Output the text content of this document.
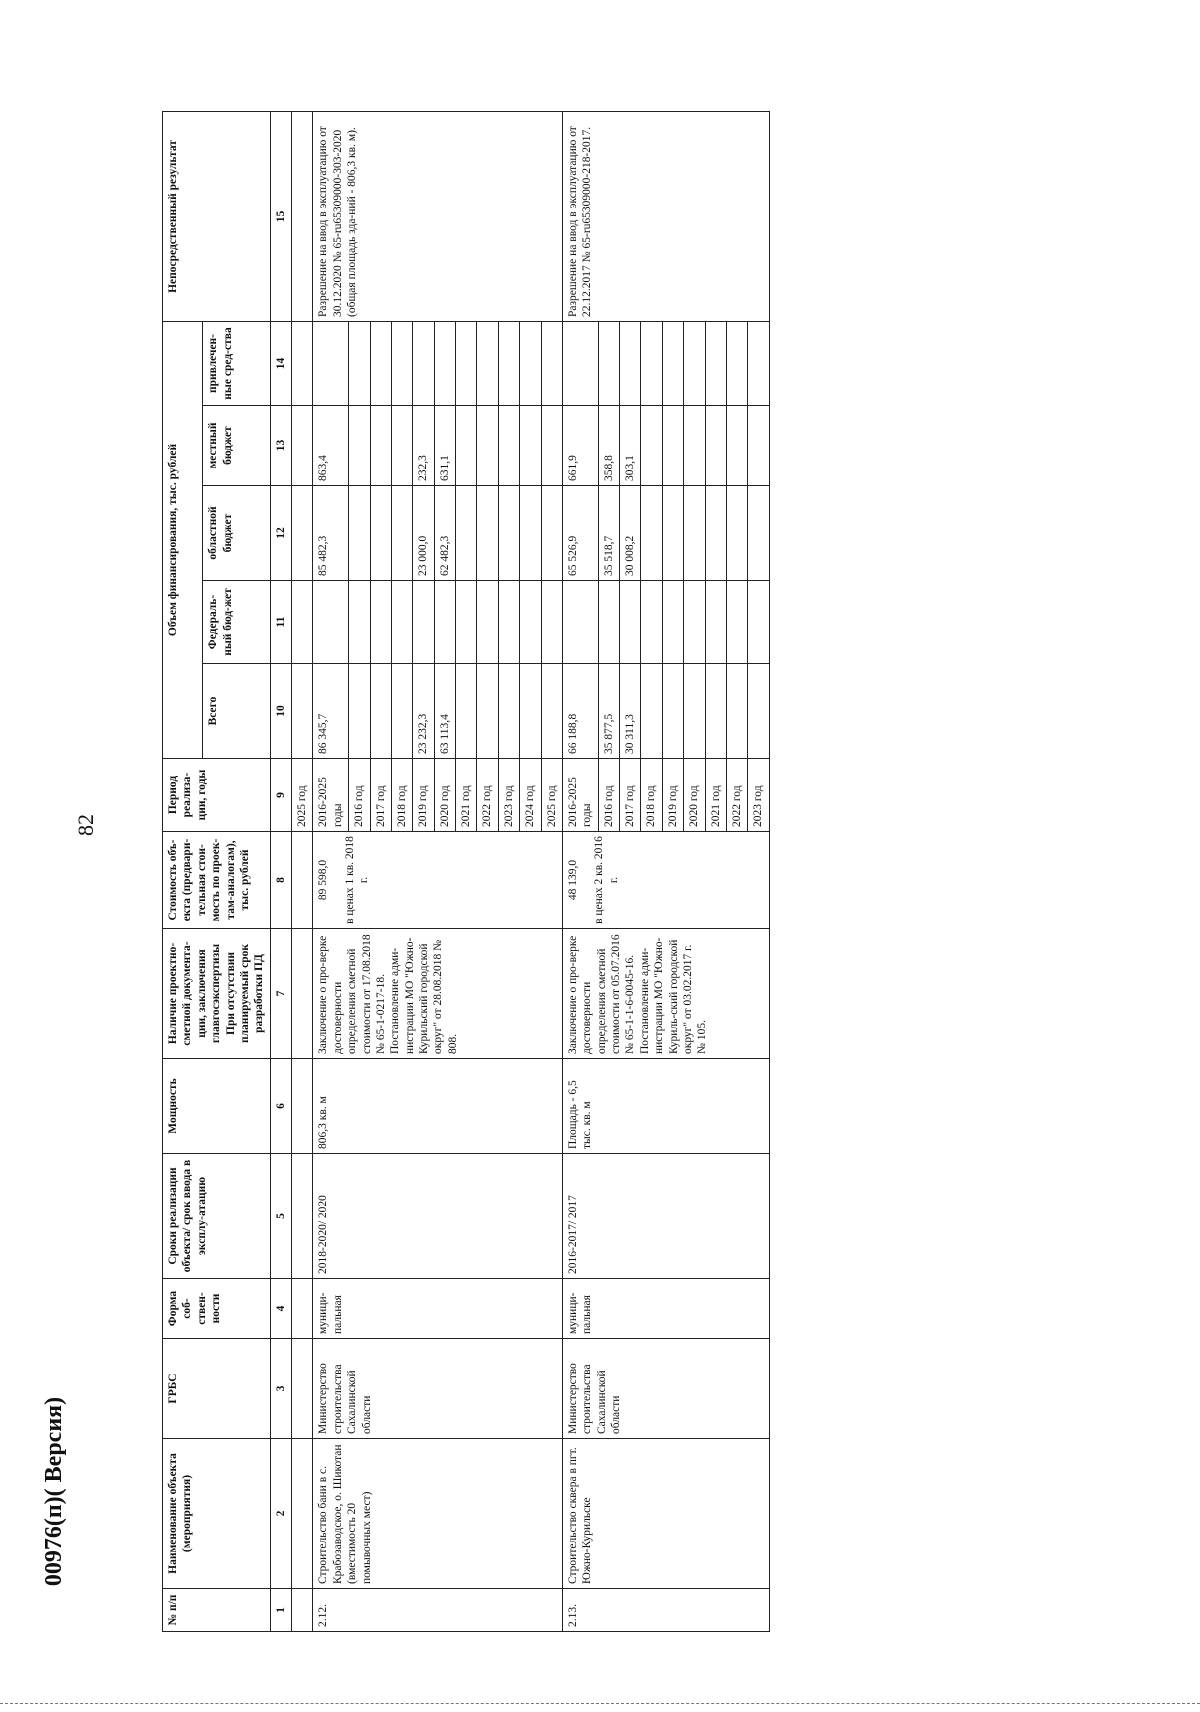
82
№ п/п	Наименование объекта (мероприятия)	ГРБС	Форма соб-ствен-ности	Сроки реализации объекта/ срок ввода в эксплу-атацию	Мощность	Наличие проектно-сметной документа-ции, заключения главгосэкспертизы При отсутствии планируемый срок разработки ПД	Стоимость объ-екта (предвари-тельная стои-мость по проек-там-аналогам), тыс. рублей	Период реализа-ции, годы	Объем финансирования, тыс. рублей					Непосредственный результат
									Всего	Федераль-ный бюд-жет	областной бюджет	местный бюджет	привлечен-ные сред-ства	
1	2	3	4	5	6	7	8	9	10	11	12	13	14	15
								2025 год						
2.12.	Строительство бани в с. Крабозаводское, о. Шикотан (вместимость 20 помывочных мест)	Министерство строительства Сахалинской области	муници-пальная	2018-2020/ 2020	806,3 кв. м	Заключение о про-верке достоверности определения сметной стоимости от 17.08.2018 № 65-1-0217-18. Постановление адми-нистрации МО "Южно-Курильский городской округ" от 28.08.2018 № 808.	89 598,0 в ценах 1 кв. 2018 г.	2016-2025 годы	86 345,7		85 482,3	863,4		Разрешение на ввод в эксплуатацию от 30.12.2020 № 65-ru65309000-303-2020 (общая площадь зда-ний - 806,3 кв. м).
								2016 год						
								2017 год						
								2018 год						
								2019 год	23 232,3		23 000,0	232,3		
								2020 год	63 113,4		62 482,3	631,1		
								2021 год						
								2022 год						
								2023 год						
								2024 год						
								2025 год						
2.13.	Строительство сквера в пгт. Южно-Курильске	Министерство строительства Сахалинской области	муници-пальная	2016-2017/ 2017	Площадь - 6,5 тыс. кв. м	Заключение о про-верке достоверности определения сметной стоимости от 05.07.2016 № 65-1-1-6-0045-16. Постановление адми-нистрации МО "Южно-Куриль-ский городской округ" от 03.02.2017 г. № 105.	48 139,0 в ценах 2 кв. 2016 г.	2016-2025 годы	66 188,8		65 526,9	661,9		Разрешение на ввод в эксплуатацию от 22.12.2017 № 65-ru65309000-218-2017.
								2016 год	35 877,5		35 518,7	358,8		
								2017 год	30 311,3		30 008,2	303,1		
								2018 год						
								2019 год						
								2020 год						
								2021 год						
								2022 год						
								2023 год						
00976(п)( Версия)
